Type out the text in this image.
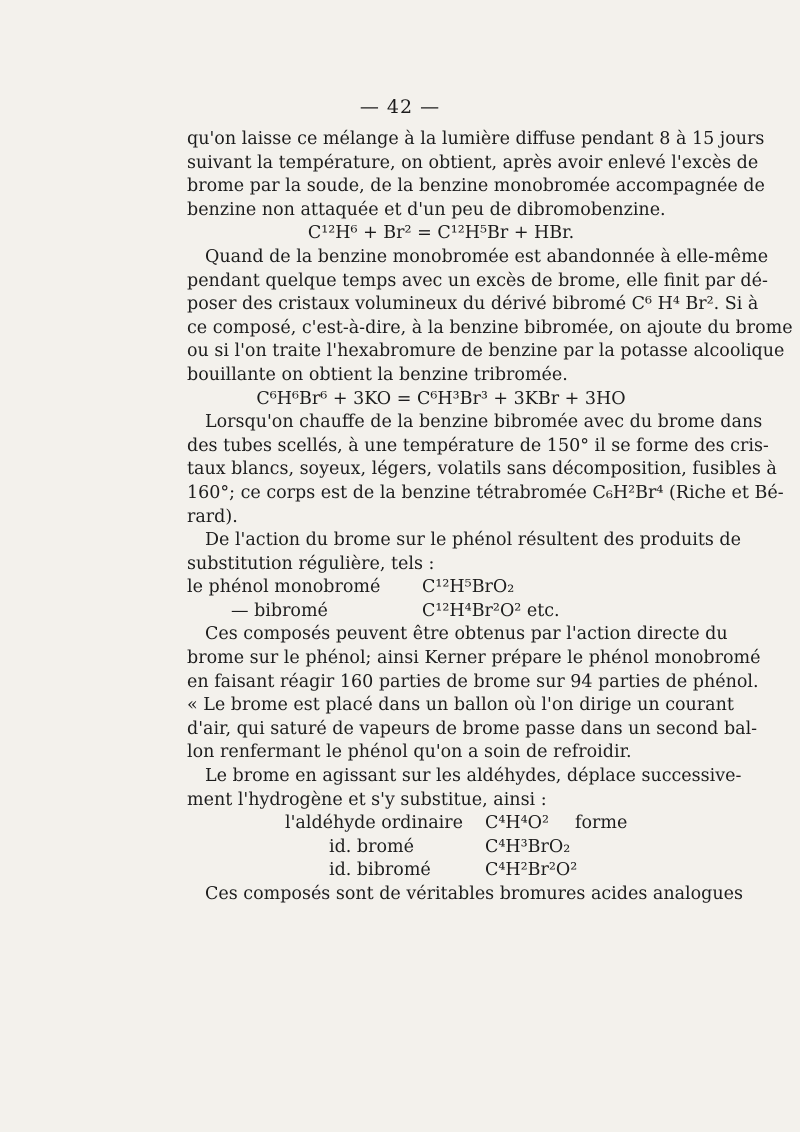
— 42 —
qu'on laisse ce mélange à la lumière diffuse pendant 8 à 15 jours
suivant la température, on obtient, après avoir enlevé l'excès de
brome par la soude, de la benzine monobromée accompagnée de
benzine non attaquée et d'un peu de dibromobenzine.
C¹²H⁶ + Br² = C¹²H⁵Br + HBr.
Quand de la benzine monobromée est abandonnée à elle-même
pendant quelque temps avec un excès de brome, elle finit par dé-
poser des cristaux volumineux du dérivé bibromé C⁶ H⁴ Br². Si à
ce composé, c'est-à-dire, à la benzine bibromée, on ajoute du brome
ou si l'on traite l'hexabromure de benzine par la potasse alcoolique
bouillante on obtient la benzine tribromée.
C⁶H⁶Br⁶ + 3KO = C⁶H³Br³ + 3KBr + 3HO
Lorsqu'on chauffe de la benzine bibromée avec du brome dans
des tubes scellés, à une température de 150° il se forme des cris-
taux blancs, soyeux, légers, volatils sans décomposition, fusibles à
160°; ce corps est de la benzine tétrabromée C₆H²Br⁴ (Riche et Bé-
rard).
De l'action du brome sur le phénol résultent des produits de
substitution régulière, tels :
le phénol monobromé C¹²H⁵BrO₂
— bibromé	C¹²H⁴Br²O² etc.
Ces composés peuvent être obtenus par l'action directe du
brome sur le phénol; ainsi Kerner prépare le phénol monobromé
en faisant réagir 160 parties de brome sur 94 parties de phénol.
« Le brome est placé dans un ballon où l'on dirige un courant
d'air, qui saturé de vapeurs de brome passe dans un second bal-
lon renfermant le phénol qu'on a soin de refroidir.
Le brome en agissant sur les aldéhydes, déplace successive-
ment l'hydrogène et s'y substitue, ainsi :
l'aldéhyde ordinaire C⁴H⁴O² forme
id. bromé	C⁴H³BrO₂
id. bibromé	C⁴H²Br²O²
Ces composés sont de véritables bromures acides analogues
